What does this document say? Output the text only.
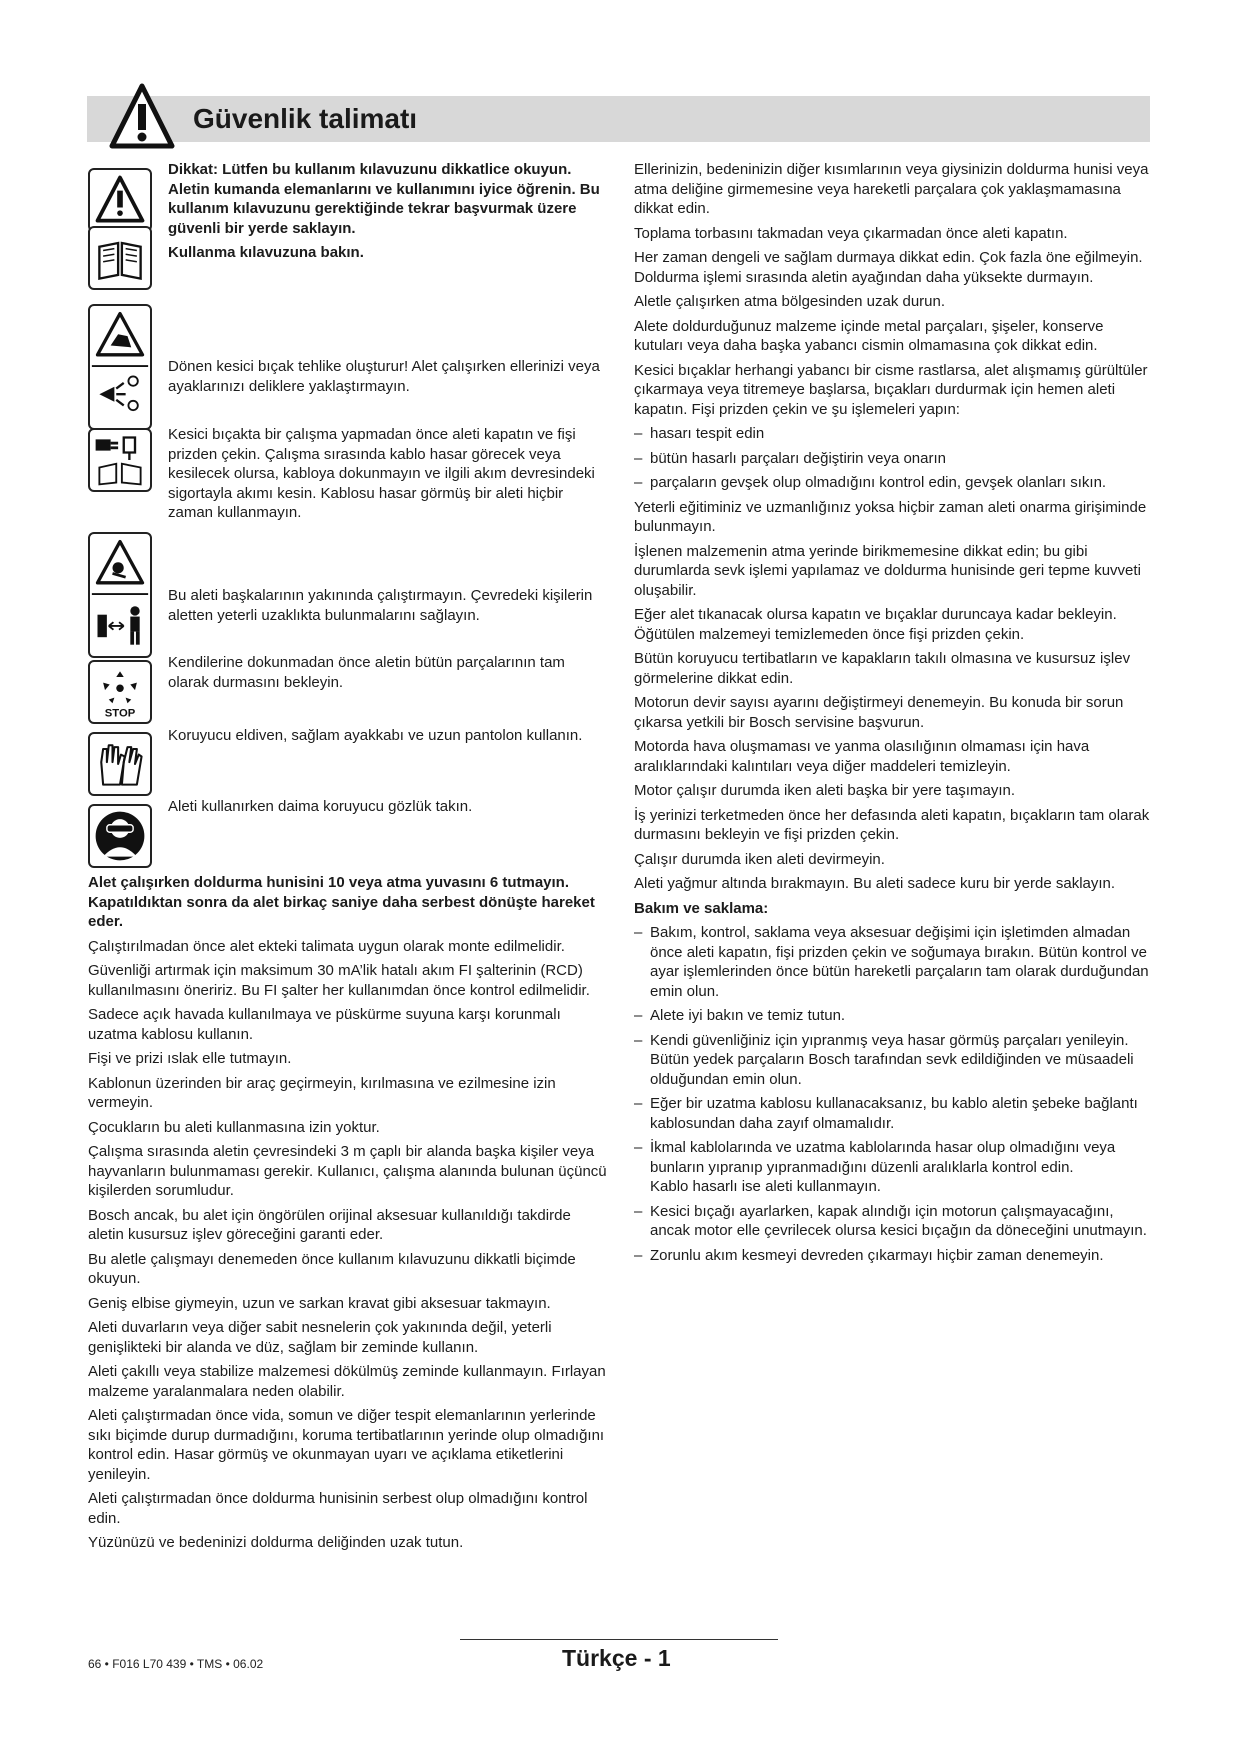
Güvenlik talimatı
STOP
Dikkat: Lütfen bu kullanım kılavuzunu dikkatlice okuyun. Aletin kumanda elemanlarını ve kullanımını iyice öğrenin. Bu kullanım kılavuzunu gerektiğinde tekrar başvurmak üzere güvenli bir yerde saklayın.
Kullanma kılavuzuna bakın.
Dönen kesici bıçak tehlike oluşturur! Alet çalışırken ellerinizi veya ayaklarınızı deliklere yaklaştırmayın.
Kesici bıçakta bir çalışma yapmadan önce aleti kapatın ve fişi prizden çekin. Çalışma sırasında kablo hasar görecek veya kesilecek olursa, kabloya dokunmayın ve ilgili akım devresindeki sigortayla akımı kesin. Kablosu hasar görmüş bir aleti hiçbir zaman kullanmayın.
Bu aleti başkalarının yakınında çalıştırmayın. Çevredeki kişilerin aletten yeterli uzaklıkta bulunmalarını sağlayın.
Kendilerine dokunmadan önce aletin bütün parçalarının tam olarak durmasını bekleyin.
Koruyucu eldiven, sağlam ayakkabı ve uzun pantolon kullanın.
Aleti kullanırken daima koruyucu gözlük takın.
Alet çalışırken doldurma hunisini 10 veya atma yuvasını 6 tutmayın. Kapatıldıktan sonra da alet birkaç saniye daha serbest dönüşte hareket eder.
Çalıştırılmadan önce alet ekteki talimata uygun olarak monte edilmelidir.
Güvenliği artırmak için maksimum 30 mA’lik hatalı akım FI şalterinin (RCD) kullanılmasını öneririz. Bu FI şalter her kullanımdan önce kontrol edilmelidir.
Sadece açık havada kullanılmaya ve püskürme suyuna karşı korunmalı uzatma kablosu kullanın.
Fişi ve prizi ıslak elle tutmayın.
Kablonun üzerinden bir araç geçirmeyin, kırılmasına ve ezilmesine izin vermeyin.
Çocukların bu aleti kullanmasına izin yoktur.
Çalışma sırasında aletin çevresindeki 3 m çaplı bir alanda başka kişiler veya hayvanların bulunmaması gerekir. Kullanıcı, çalışma alanında bulunan üçüncü kişilerden sorumludur.
Bosch ancak, bu alet için öngörülen orijinal aksesuar kullanıldığı takdirde aletin kusursuz işlev göreceğini garanti eder.
Bu aletle çalışmayı denemeden önce kullanım kılavuzunu dikkatli biçimde okuyun.
Geniş elbise giymeyin, uzun ve sarkan kravat gibi aksesuar takmayın.
Aleti duvarların veya diğer sabit nesnelerin çok yakınında değil, yeterli genişlikteki bir alanda ve düz, sağlam bir zeminde kullanın.
Aleti çakıllı veya stabilize malzemesi dökülmüş zeminde kullanmayın. Fırlayan malzeme yaralanmalara neden olabilir.
Aleti çalıştırmadan önce vida, somun ve diğer tespit elemanlarının yerlerinde sıkı biçimde durup durmadığını, koruma tertibatlarının yerinde olup olmadığını kontrol edin. Hasar görmüş ve okunmayan uyarı ve açıklama etiketlerini yenileyin.
Aleti çalıştırmadan önce doldurma hunisinin serbest olup olmadığını kontrol edin.
Yüzünüzü ve bedeninizi doldurma deliğinden uzak tutun.
Ellerinizin, bedeninizin diğer kısımlarının veya giysinizin doldurma hunisi veya atma deliğine girmemesine veya hareketli parçalara çok yaklaşmamasına dikkat edin.
Toplama torbasını takmadan veya çıkarmadan önce aleti kapatın.
Her zaman dengeli ve sağlam durmaya dikkat edin. Çok fazla öne eğilmeyin. Doldurma işlemi sırasında aletin ayağından daha yüksekte durmayın.
Aletle çalışırken atma bölgesinden uzak durun.
Alete doldurduğunuz malzeme içinde metal parçaları, şişeler, konserve kutuları veya daha başka yabancı cismin olmamasına çok dikkat edin.
Kesici bıçaklar herhangi yabancı bir cisme rastlarsa, alet alışmamış gürültüler çıkarmaya veya titremeye başlarsa, bıçakları durdurmak için hemen aleti kapatın. Fişi prizden çekin ve şu işlemeleri yapın:
– hasarı tespit edin
– bütün hasarlı parçaları değiştirin veya onarın
– parçaların gevşek olup olmadığını kontrol edin, gevşek olanları sıkın.
Yeterli eğitiminiz ve uzmanlığınız yoksa hiçbir zaman aleti onarma girişiminde bulunmayın.
İşlenen malzemenin atma yerinde birikmemesine dikkat edin; bu gibi durumlarda sevk işlemi yapılamaz ve doldurma hunisinde geri tepme kuvveti oluşabilir.
Eğer alet tıkanacak olursa kapatın ve bıçaklar duruncaya kadar bekleyin. Öğütülen malzemeyi temizlemeden önce fişi prizden çekin.
Bütün koruyucu tertibatların ve kapakların takılı olmasına ve kusursuz işlev görmelerine dikkat edin.
Motorun devir sayısı ayarını değiştirmeyi denemeyin. Bu konuda bir sorun çıkarsa yetkili bir Bosch servisine başvurun.
Motorda hava oluşmaması ve yanma olasılığının olmaması için hava aralıklarındaki kalıntıları veya diğer maddeleri temizleyin.
Motor çalışır durumda iken aleti başka bir yere taşımayın.
İş yerinizi terketmeden önce her defasında aleti kapatın, bıçakların tam olarak durmasını bekleyin ve fişi prizden çekin.
Çalışır durumda iken aleti devirmeyin.
Aleti yağmur altında bırakmayın. Bu aleti sadece kuru bir yerde saklayın.
Bakım ve saklama:
– Bakım, kontrol, saklama veya aksesuar değişimi için işletimden almadan önce aleti kapatın, fişi prizden çekin ve soğumaya bırakın. Bütün kontrol ve ayar işlemlerinden önce bütün hareketli parçaların tam olarak durduğundan emin olun.
– Alete iyi bakın ve temiz tutun.
– Kendi güvenliğiniz için yıpranmış veya hasar görmüş parçaları yenileyin. Bütün yedek parçaların Bosch tarafından sevk edildiğinden ve müsaadeli olduğundan emin olun.
– Eğer bir uzatma kablosu kullanacaksanız, bu kablo aletin şebeke bağlantı kablosundan daha zayıf olmamalıdır.
– İkmal kablolarında ve uzatma kablolarında hasar olup olmadığını veya bunların yıpranıp yıpranmadığını düzenli aralıklarla kontrol edin.
Kablo hasarlı ise aleti kullanmayın.
– Kesici bıçağı ayarlarken, kapak alındığı için motorun çalışmayacağını, ancak motor elle çevrilecek olursa kesici bıçağın da döneceğini unutmayın.
– Zorunlu akım kesmeyi devreden çıkarmayı hiçbir zaman denemeyin.
66 • F016 L70 439 • TMS • 06.02	Türkçe - 1
